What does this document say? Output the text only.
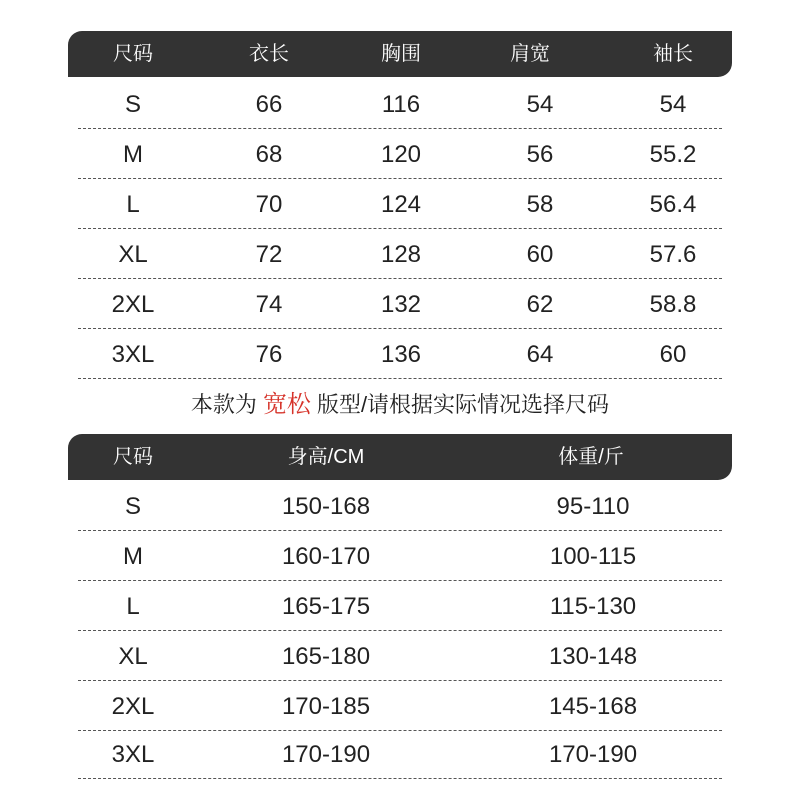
尺码	衣长	胸围	肩宽	袖长
S	66	116	54	54
M	68	120	56	55.2
L	70	124	58	56.4
XL	72	128	60	57.6
2XL	74	132	62	58.8
3XL	76	136	64	60
本款为 宽松 版型/请根据实际情况选择尺码
尺码	身高/CM	体重/斤
S	150-168	95-110
M	160-170	100-115
L	165-175	115-130
XL	165-180	130-148
2XL	170-185	145-168
3XL	170-190	170-190
